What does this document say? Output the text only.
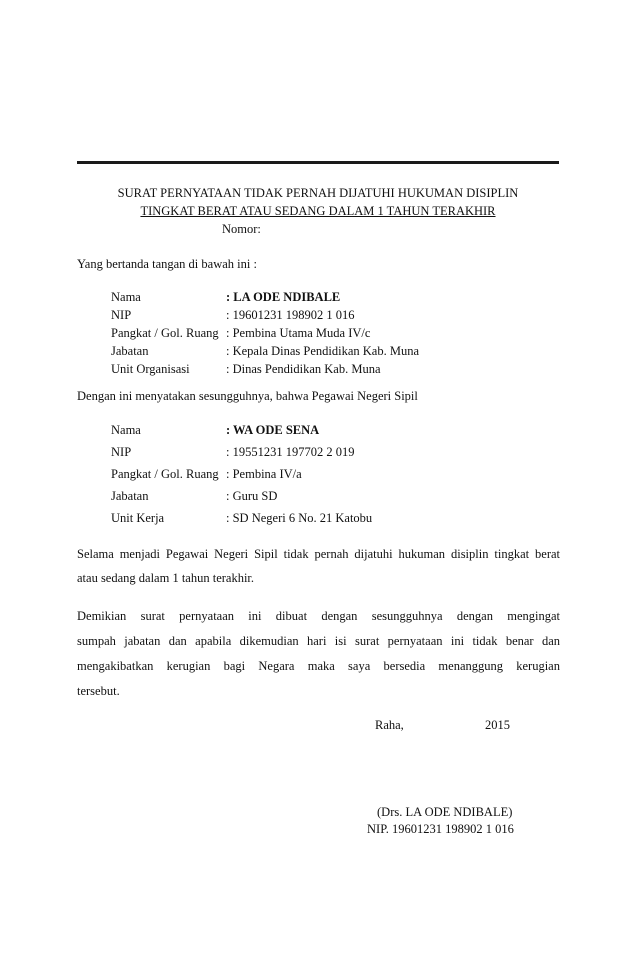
SURAT PERNYATAAN TIDAK PERNAH DIJATUHI HUKUMAN DISIPLIN
TINGKAT BERAT ATAU SEDANG DALAM 1 TAHUN TERAKHIR
Nomor:
Yang bertanda tangan di bawah ini :
Nama	: LA ODE NDIBALE
NIP	: 19601231 198902 1 016
Pangkat / Gol. Ruang : Pembina Utama Muda IV/c
Jabatan	: Kepala Dinas Pendidikan Kab. Muna
Unit Organisasi	: Dinas Pendidikan Kab. Muna
Dengan ini menyatakan sesungguhnya, bahwa Pegawai Negeri Sipil
Nama	: WA ODE SENA
NIP	: 19551231 197702 2 019
Pangkat / Gol. Ruang : Pembina IV/a
Jabatan	: Guru SD
Unit Kerja	: SD Negeri 6 No. 21 Katobu
Selama menjadi Pegawai Negeri Sipil tidak pernah dijatuhi hukuman disiplin tingkat berat
atau sedang dalam 1 tahun terakhir.
Demikian surat pernyataan ini dibuat dengan sesungguhnya dengan mengingat
sumpah jabatan dan apabila dikemudian hari isi surat pernyataan ini tidak benar dan
mengakibatkan kerugian bagi Negara maka saya bersedia menanggung kerugian
tersebut.
Raha,	2015
(Drs. LA ODE NDIBALE)
NIP. 19601231 198902 1 016
